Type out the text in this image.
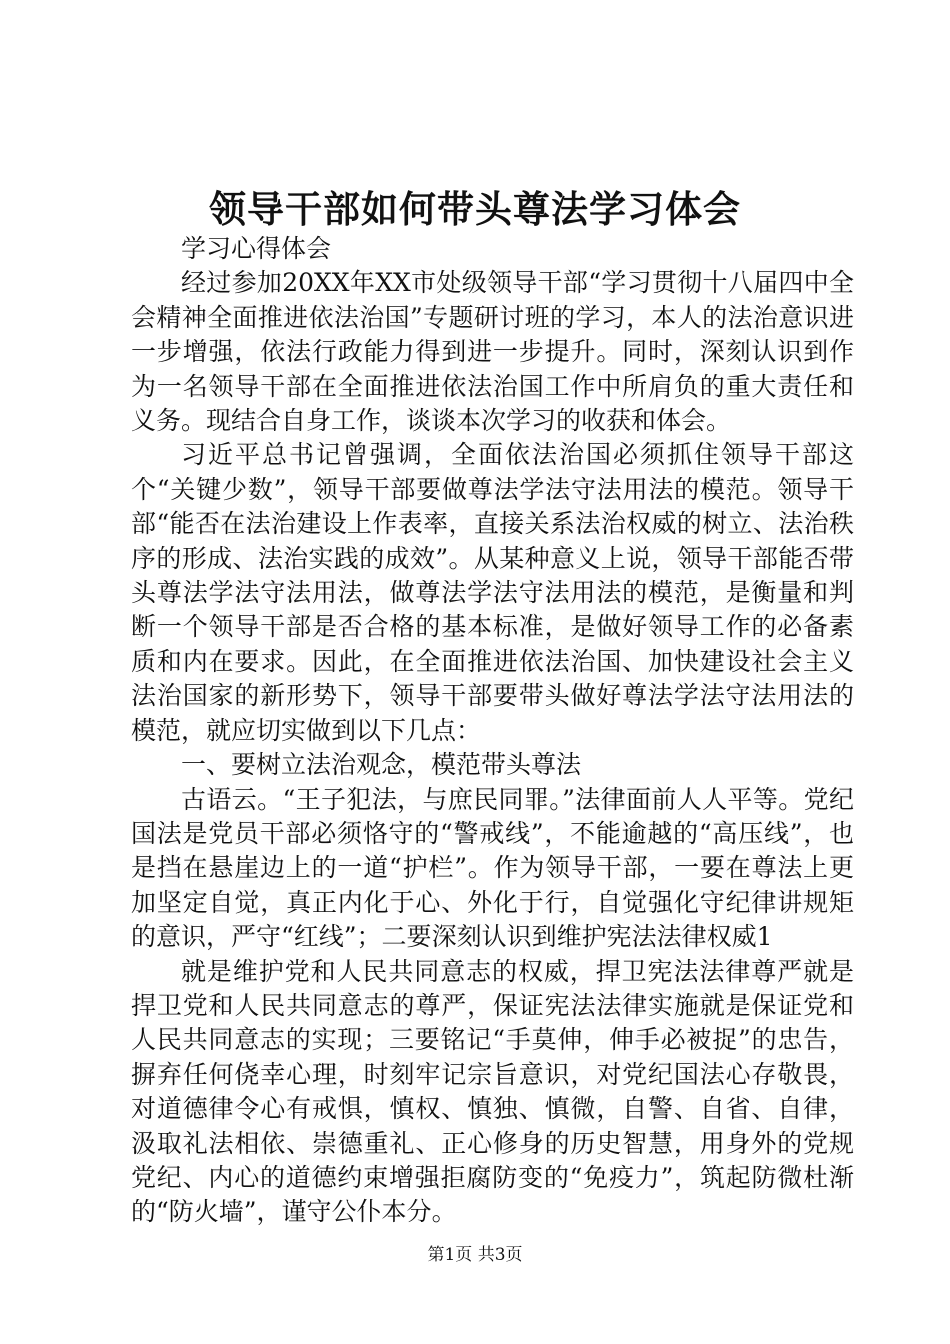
领导干部如何带头尊法学习体会

学习心得体会

经过参加20XX年XX市处级领导干部“学习贯彻十八届四中全会精神全面推进依法治国”专题研讨班的学习，本人的法治意识进一步增强，依法行政能力得到进一步提升。同时，深刻认识到作为一名领导干部在全面推进依法治国工作中所肩负的重大责任和义务。现结合自身工作，谈谈本次学习的收获和体会。

习近平总书记曾强调，全面依法治国必须抓住领导干部这个“关键少数”，领导干部要做尊法学法守法用法的模范。领导干部“能否在法治建设上作表率，直接关系法治权威的树立、法治秩序的形成、法治实践的成效”。从某种意义上说，领导干部能否带头尊法学法守法用法，做尊法学法守法用法的模范，是衡量和判断一个领导干部是否合格的基本标准，是做好领导工作的必备素质和内在要求。因此，在全面推进依法治国、加快建设社会主义法治国家的新形势下，领导干部要带头做好尊法学法守法用法的模范，就应切实做到以下几点：

一、要树立法治观念，模范带头尊法

古语云。“王子犯法，与庶民同罪。”法律面前人人平等。党纪国法是党员干部必须恪守的“警戒线”，不能逾越的“高压线”，也是挡在悬崖边上的一道“护栏”。作为领导干部，一要在尊法上更加坚定自觉，真正内化于心、外化于行，自觉强化守纪律讲规矩的意识，严守“红线”；二要深刻认识到维护宪法法律权威1

就是维护党和人民共同意志的权威，捍卫宪法法律尊严就是捍卫党和人民共同意志的尊严，保证宪法法律实施就是保证党和人民共同意志的实现；三要铭记“手莫伸，伸手必被捉”的忠告，摒弃任何侥幸心理，时刻牢记宗旨意识，对党纪国法心存敬畏，对道德律令心有戒惧，慎权、慎独、慎微，自警、自省、自律，汲取礼法相依、崇德重礼、正心修身的历史智慧，用身外的党规党纪、内心的道德约束增强拒腐防变的“免疫力”，筑起防微杜渐的“防火墙”，谨守公仆本分。

第1页 共3页
